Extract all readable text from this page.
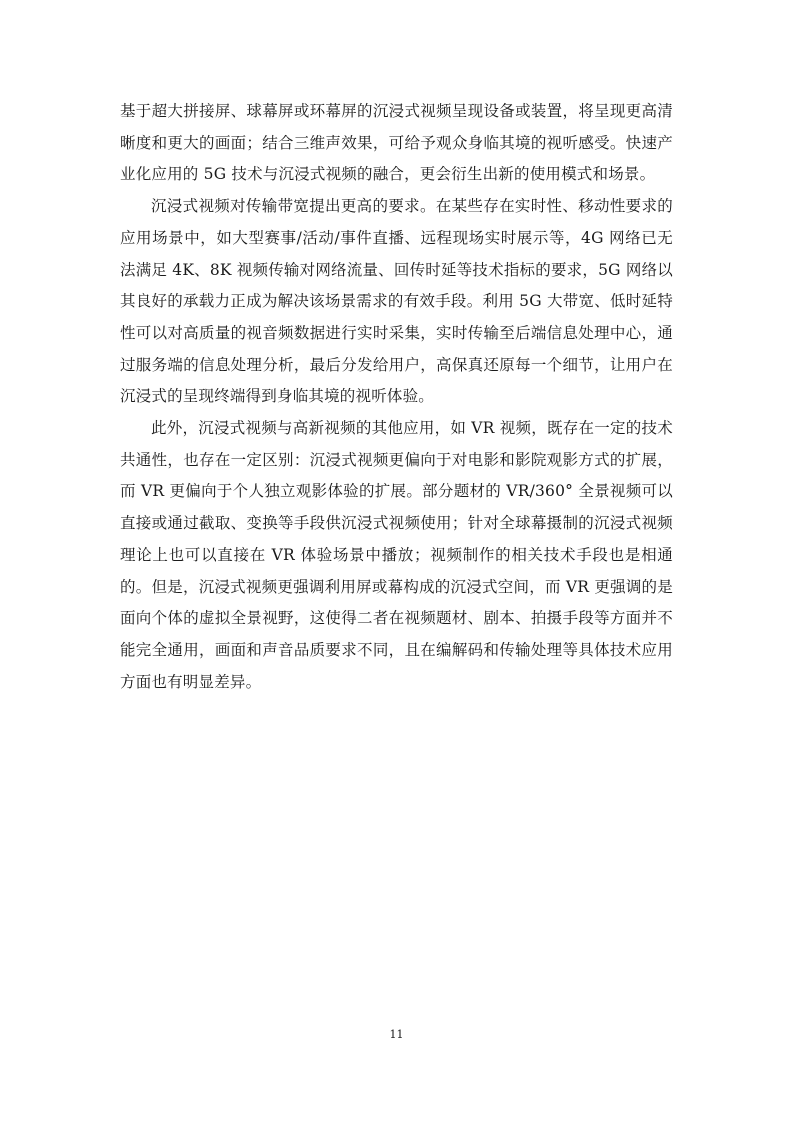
基于超大拼接屏、球幕屏或环幕屏的沉浸式视频呈现设备或装置，将呈现更高清晰度和更大的画面；结合三维声效果，可给予观众身临其境的视听感受。快速产业化应用的 5G 技术与沉浸式视频的融合，更会衍生出新的使用模式和场景。

沉浸式视频对传输带宽提出更高的要求。在某些存在实时性、移动性要求的应用场景中，如大型赛事/活动/事件直播、远程现场实时展示等，4G 网络已无法满足 4K、8K 视频传输对网络流量、回传时延等技术指标的要求，5G 网络以其良好的承载力正成为解决该场景需求的有效手段。利用 5G 大带宽、低时延特性可以对高质量的视音频数据进行实时采集，实时传输至后端信息处理中心，通过服务端的信息处理分析，最后分发给用户，高保真还原每一个细节，让用户在沉浸式的呈现终端得到身临其境的视听体验。

此外，沉浸式视频与高新视频的其他应用，如 VR 视频，既存在一定的技术共通性，也存在一定区别：沉浸式视频更偏向于对电影和影院观影方式的扩展，而 VR 更偏向于个人独立观影体验的扩展。部分题材的 VR/360° 全景视频可以直接或通过截取、变换等手段供沉浸式视频使用；针对全球幕摄制的沉浸式视频理论上也可以直接在 VR 体验场景中播放；视频制作的相关技术手段也是相通的。但是，沉浸式视频更强调利用屏或幕构成的沉浸式空间，而 VR 更强调的是面向个体的虚拟全景视野，这使得二者在视频题材、剧本、拍摄手段等方面并不能完全通用，画面和声音品质要求不同，且在编解码和传输处理等具体技术应用方面也有明显差异。

11
